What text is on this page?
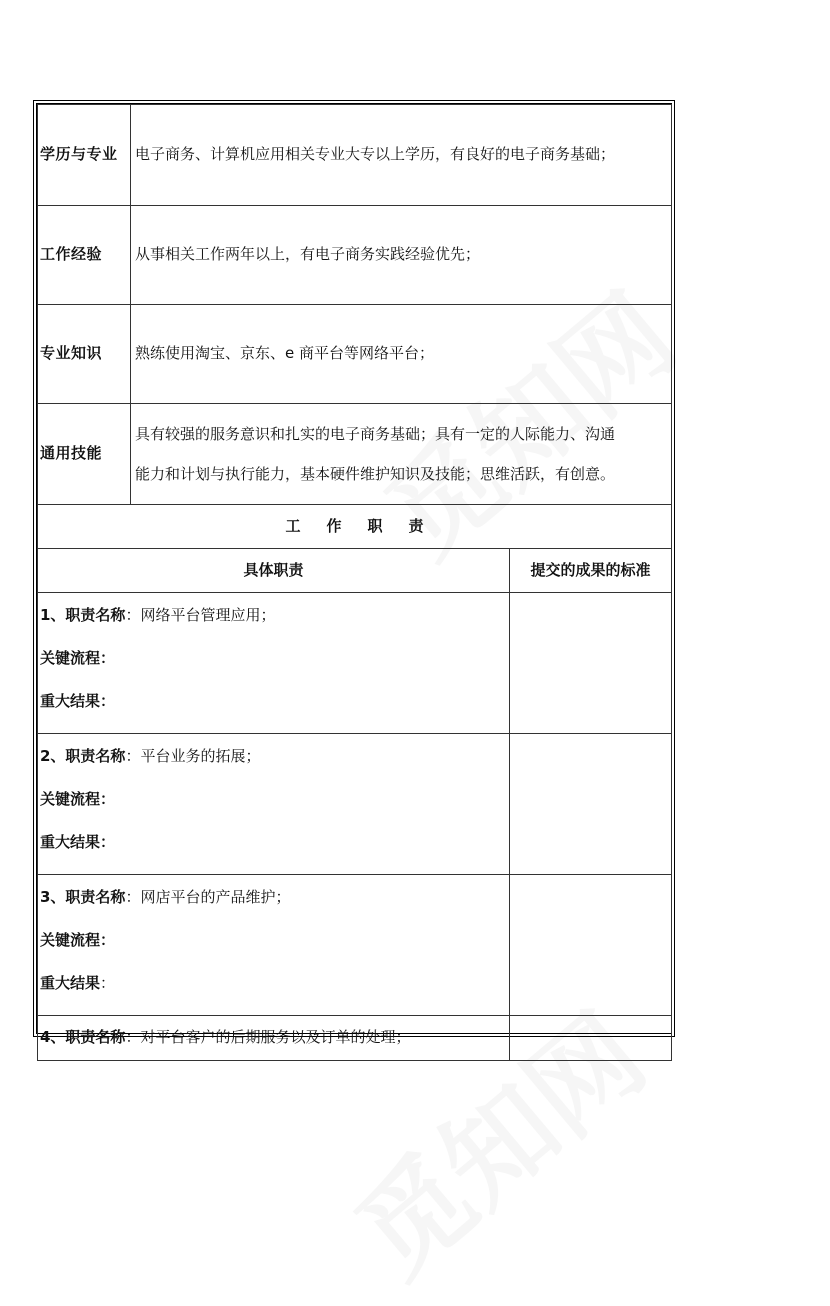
学历与专业	电子商务、计算机应用相关专业大专以上学历，有良好的电子商务基础；	
工作经验	从事相关工作两年以上，有电子商务实践经验优先；	
专业知识	熟练使用淘宝、京东、e 商平台等网络平台；	
通用技能	具有较强的服务意识和扎实的电子商务基础；具有一定的人际能力、沟通
能力和计划与执行能力，基本硬件维护知识及技能；思维活跃，有创意。	

工 作 职 责		
具体职责		提交的成果的标准

1、职责名称：网络平台管理应用；
关键流程：
重大结果：		

2、职责名称：平台业务的拓展；
关键流程：
重大结果：		

3、职责名称：网店平台的产品维护；
关键流程：
重大结果：		

4、职责名称：对平台客户的后期服务以及订单的处理；		
